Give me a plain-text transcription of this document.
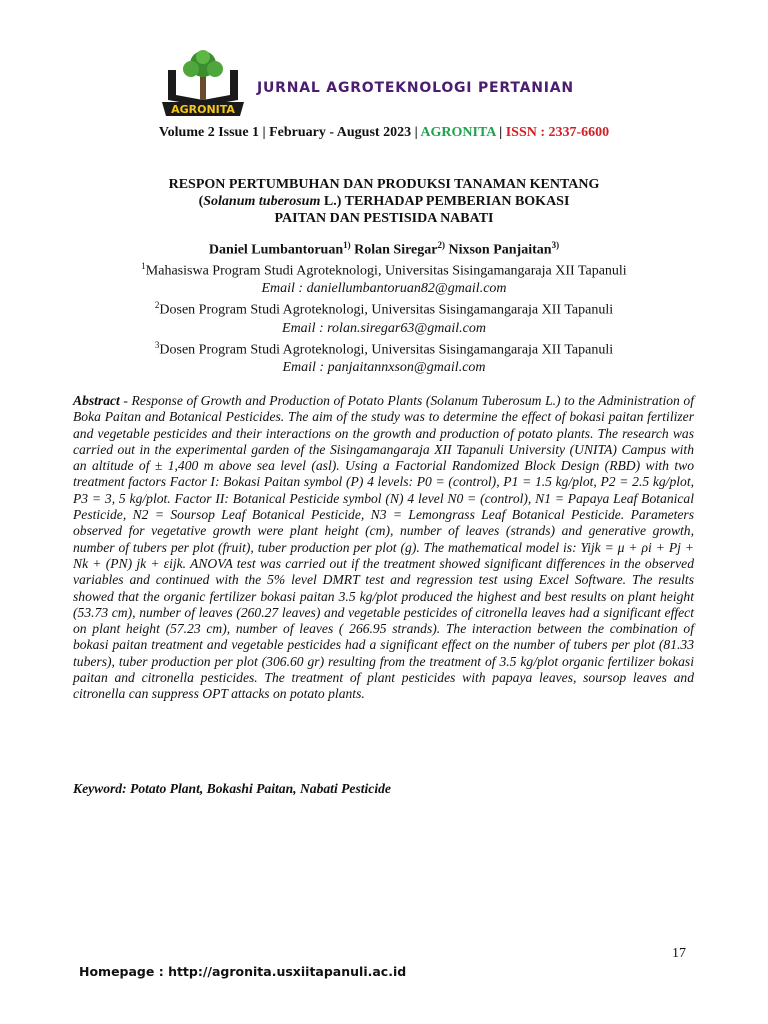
AGRONITA
JURNAL AGROTEKNOLOGI PERTANIAN
Volume 2 Issue 1 | February - August 2023 | AGRONITA | ISSN : 2337-6600
RESPON PERTUMBUHAN DAN PRODUKSI TANAMAN KENTANG
(Solanum tuberosum L.) TERHADAP PEMBERIAN BOKASI
PAITAN DAN PESTISIDA NABATI
Daniel Lumbantoruan$^{1)}$ Rolan Siregar$^{2)}$ Nixson Panjaitan$^{3)}$
$^1$Mahasiswa Program Studi Agroteknologi, Universitas Sisingamangaraja XII Tapanuli
Email : daniellumbantoruan82@gmail.com
$^2$Dosen Program Studi Agroteknologi, Universitas Sisingamangaraja XII Tapanuli
Email : rolan.siregar63@gmail.com
$^3$Dosen Program Studi Agroteknologi, Universitas Sisingamangaraja XII Tapanuli
Email : panjaitannxson@gmail.com
Abstract - Response of Growth and Production of Potato Plants (Solanum Tuberosum L.) to the Administration of Boka Paitan and Botanical Pesticides. The aim of the study was to determine the effect of bokasi paitan fertilizer and vegetable pesticides and their interactions on the growth and production of potato plants. The research was carried out in the experimental garden of the Sisingamangaraja XII Tapanuli University (UNITA) Campus with an altitude of ± 1,400 m above sea level (asl). Using a Factorial Randomized Block Design (RBD) with two treatment factors Factor I: Bokasi Paitan symbol (P) 4 levels: P0 = (control), P1 = 1.5 kg/plot, P2 = 2.5 kg/plot, P3 = 3, 5 kg/plot. Factor II: Botanical Pesticide symbol (N) 4 level N0 = (control), N1 = Papaya Leaf Botanical Pesticide, N2 = Soursop Leaf Botanical Pesticide, N3 = Lemongrass Leaf Botanical Pesticide. Parameters observed for vegetative growth were plant height (cm), number of leaves (strands) and generative growth, number of tubers per plot (fruit), tuber production per plot (g). The mathematical model is: Yijk = μ + ρi + Pj + Nk + (PN) jk + εijk. ANOVA test was carried out if the treatment showed significant differences in the observed variables and continued with the 5% level DMRT test and regression test using Excel Software. The results showed that the organic fertilizer bokasi paitan 3.5 kg/plot produced the highest and best results on plant height (53.73 cm), number of leaves (260.27 leaves) and vegetable pesticides of citronella leaves had a significant effect on plant height (57.23 cm), number of leaves ( 266.95 strands). The interaction between the combination of bokasi paitan treatment and vegetable pesticides had a significant effect on the number of tubers per plot (81.33 tubers), tuber production per plot (306.60 gr) resulting from the treatment of 3.5 kg/plot organic fertilizer bokasi paitan and citronella pesticides. The treatment of plant pesticides with papaya leaves, soursop leaves and citronella can suppress OPT attacks on potato plants.
Keyword: Potato Plant, Bokashi Paitan, Nabati Pesticide
17
Homepage : http://agronita.usxiitapanuli.ac.id
